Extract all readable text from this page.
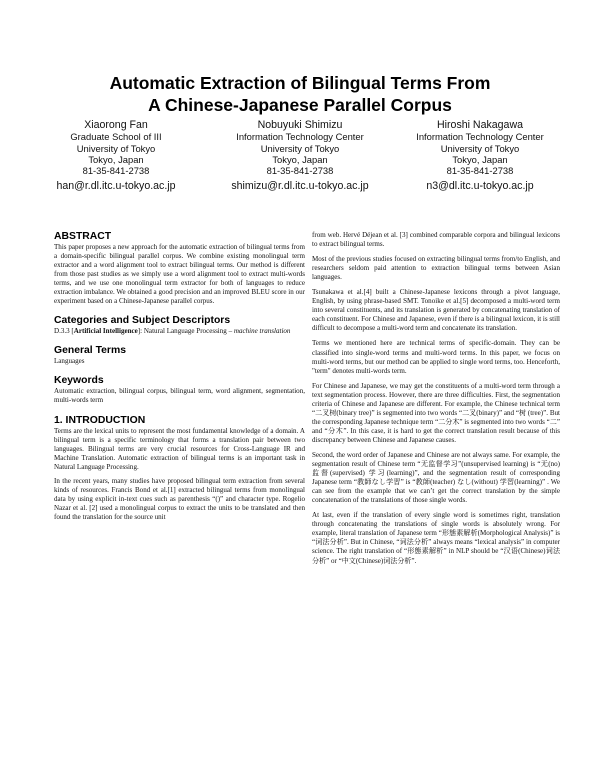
Automatic Extraction of Bilingual Terms From
A Chinese-Japanese Parallel Corpus
Xiaorong Fan
Graduate School of III
University of Tokyo
Tokyo, Japan
81-35-841-2738
han@r.dl.itc.u-tokyo.ac.jp
Nobuyuki Shimizu
Information Technology Center
University of Tokyo
Tokyo, Japan
81-35-841-2738
shimizu@r.dl.itc.u-tokyo.ac.jp
Hiroshi Nakagawa
Information Technology Center
University of Tokyo
Tokyo, Japan
81-35-841-2738
n3@dl.itc.u-tokyo.ac.jp
ABSTRACT
This paper proposes a new approach for the automatic extraction of bilingual terms from a domain-specific bilingual parallel corpus. We combine existing monolingual term extractor and a word alignment tool to extract bilingual terms. Our method is different from those past studies as we simply use a word alignment tool to extract multi-words terms, and we use one monolingual term extractor for both of languages to reduce extraction imbalance. We obtained a good precision and an improved BLEU score in our experiment based on a Chinese-Japanese parallel corpus.
Categories and Subject Descriptors
D.3.3 [Artificial Intelligence]: Natural Language Processing – machine translation
General Terms
Languages
Keywords
Automatic extraction, bilingual corpus, bilingual term, word alignment, segmentation, multi-words term
1. INTRODUCTION
Terms are the lexical units to represent the most fundamental knowledge of a domain. A bilingual term is a specific terminology that forms a translation pair between two languages. Bilingual terms are very crucial resources for Cross-Language IR and Machine Translation. Automatic extraction of bilingual terms is an important task in Natural Language Processing.
In the recent years, many studies have proposed bilingual term extraction from several kinds of resources. Francis Bond et al.[1] extracted bilingual terms from monolingual data by using explicit in-text cues such as parenthesis “()” and character type. Rogelio Nazar et al. [2] used a monolingual corpus to extract the units to be translated and then found the translation for the source unit
from web. Hervé Déjean et al. [3] combined comparable corpora and bilingual lexicons to extract bilingual terms.
Most of the previous studies focused on extracting bilingual terms from/to English, and researchers seldom paid attention to extraction bilingual terms between Asian languages.
Tsunakawa et al.[4] built a Chinese-Japanese lexicons through a pivot language, English, by using phrase-based SMT. Tonoike et al.[5] decomposed a multi-word term into several constituents, and its translation is generated by concatenating translation of each constituent. For Chinese and Japanese, even if there is a bilingual lexicon, it is still difficult to decompose a multi-word term and concatenate its translation.
Terms we mentioned here are technical terms of specific-domain. They can be classified into single-word terms and multi-word terms. In this paper, we focus on multi-word terms, but our method can be applied to single word terms, too. Henceforth, "term" denotes multi-words term.
For Chinese and Japanese, we may get the constituents of a multi-word term through a text segmentation process. However, there are three difficulties. First, the segmentation criteria of Chinese and Japanese are different. For example, the Chinese technical term “二叉树(binary tree)” is segmented into two words “二叉(binary)” and “树 (tree)”. But the corresponding Japanese technique term “二分木” is segmented into two words “二” and “分木”. In this case, it is hard to get the correct translation result because of this discrepancy between Chinese and Japanese causes.
Second, the word order of Japanese and Chinese are not always same. For example, the segmentation result of Chinese term “无监督学习”(unsupervised learning) is “无(no) 监督(supervised) 学习(learning)”, and the segmentation result of corresponding Japanese term “教師なし学習” is “教師(teacher) なし(without) 学習(learning)” . We can see from the example that we can’t get the correct translation by the simple concatenation of the translations of those single words.
At last, even if the translation of every single word is sometimes right, translation through concatenating the translations of single words is absolutely wrong. For example, literal translation of Japanese term “形態素解析(Morphological Analysis)” is “词法分析”. But in Chinese, “词法分析” always means “lexical analysis” in computer science. The right translation of “形態素解析” in NLP should be “汉语(Chinese)词法分析” or “中文(Chinese)词法分析”.
